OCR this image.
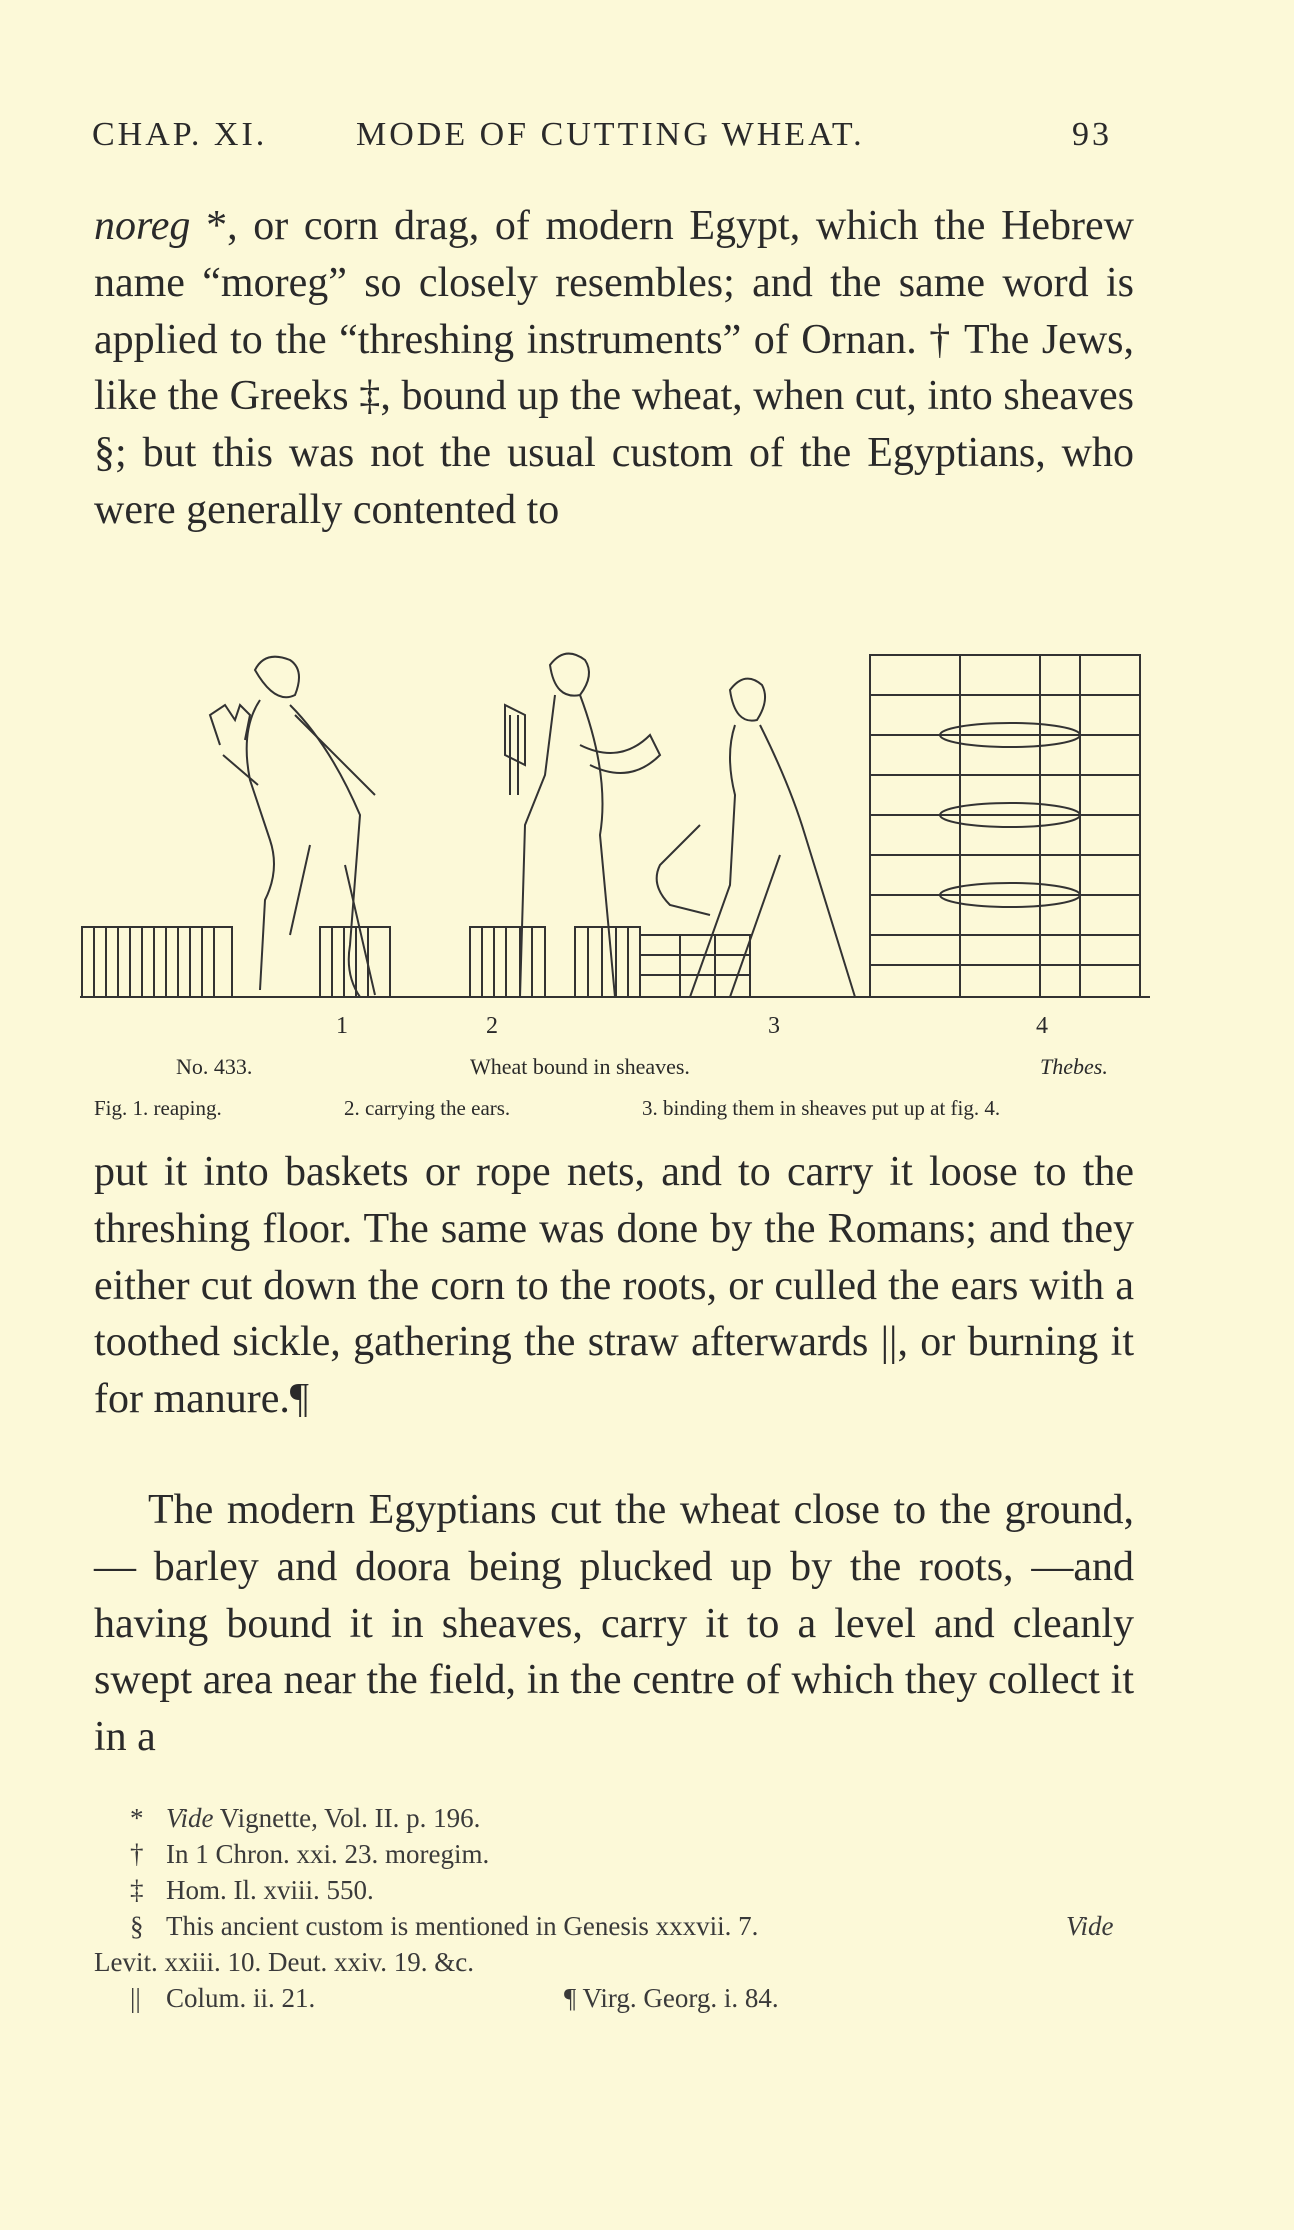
CHAP. XI.	MODE OF CUTTING WHEAT.	93

noreg *, or corn drag, of modern Egypt, which the Hebrew name “moreg” so closely resembles; and the same word is applied to the “threshing instruments” of Ornan. † The Jews, like the Greeks ‡, bound up the wheat, when cut, into sheaves §; but this was not the usual custom of the Egyptians, who were generally contented to

1	2	3	4
No. 433.	Wheat bound in sheaves.	Thebes.
Fig. 1. reaping.	2. carrying the ears.	3. binding them in sheaves put up at fig. 4.

put it into baskets or rope nets, and to carry it loose to the threshing floor. The same was done by the Romans; and they either cut down the corn to the roots, or culled the ears with a toothed sickle, gathering the straw afterwards ||, or burning it for manure.¶

The modern Egyptians cut the wheat close to the ground, — barley and doora being plucked up by the roots, —and having bound it in sheaves, carry it to a level and cleanly swept area near the field, in the centre of which they collect it in a

* Vide Vignette, Vol. II. p. 196.
† In 1 Chron. xxi. 23. moregim.
‡ Hom. Il. xviii. 550.
§ This ancient custom is mentioned in Genesis xxxvii. 7.	Vide
Levit. xxiii. 10. Deut. xxiv. 19. &c.
|| Colum. ii. 21.	¶ Virg. Georg. i. 84.
